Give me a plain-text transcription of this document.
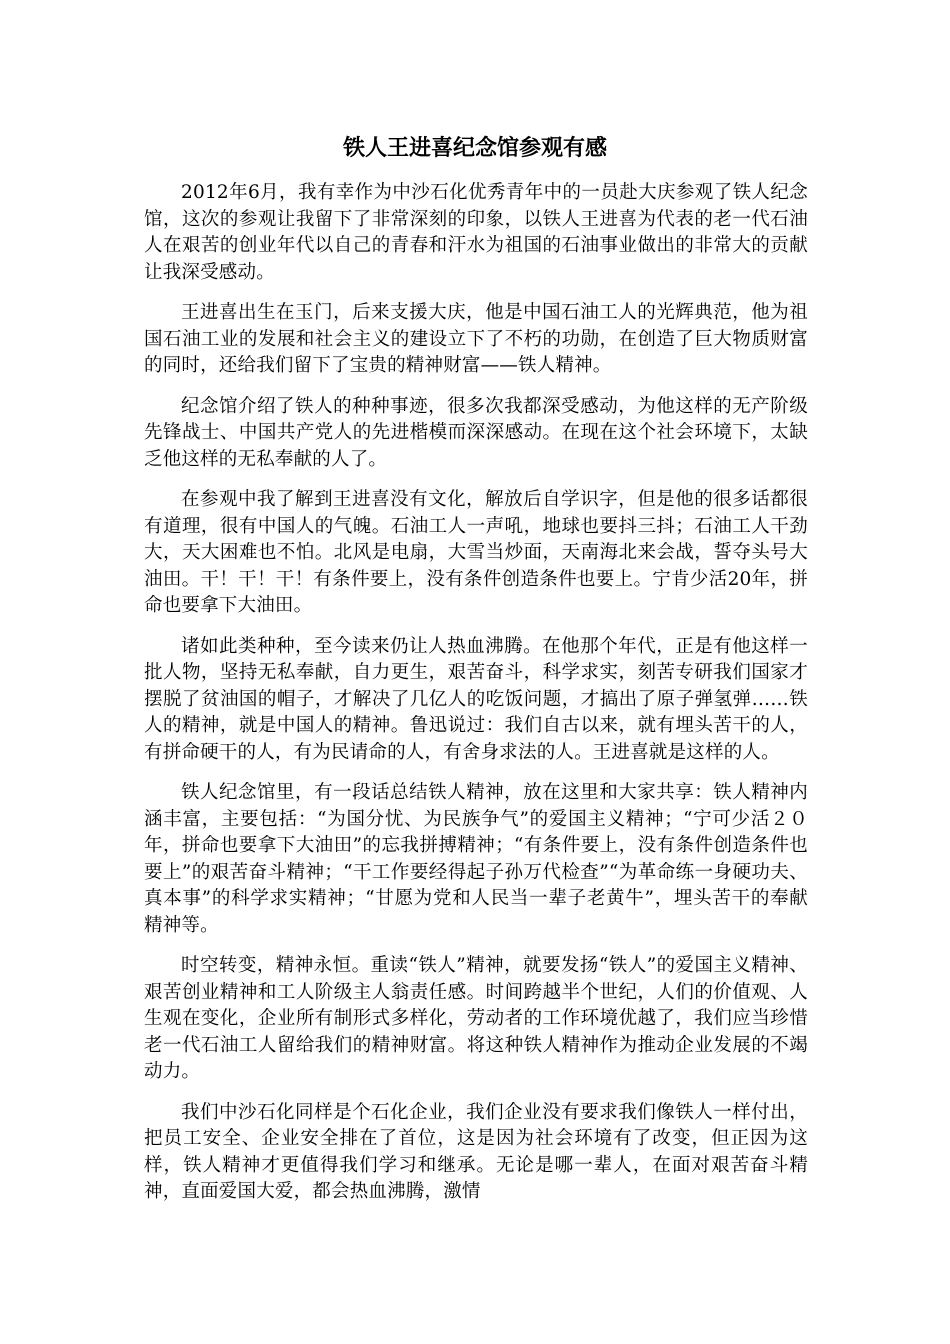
铁人王进喜纪念馆参观有感

2012年6月，我有幸作为中沙石化优秀青年中的一员赴大庆参观了铁人纪念馆，这次的参观让我留下了非常深刻的印象，以铁人王进喜为代表的老一代石油人在艰苦的创业年代以自己的青春和汗水为祖国的石油事业做出的非常大的贡献让我深受感动。

王进喜出生在玉门，后来支援大庆，他是中国石油工人的光辉典范，他为祖国石油工业的发展和社会主义的建设立下了不朽的功勋，在创造了巨大物质财富的同时，还给我们留下了宝贵的精神财富——铁人精神。

纪念馆介绍了铁人的种种事迹，很多次我都深受感动，为他这样的无产阶级先锋战士、中国共产党人的先进楷模而深深感动。在现在这个社会环境下，太缺乏他这样的无私奉献的人了。

在参观中我了解到王进喜没有文化，解放后自学识字，但是他的很多话都很有道理，很有中国人的气魄。石油工人一声吼，地球也要抖三抖；石油工人干劲大，天大困难也不怕。北风是电扇，大雪当炒面，天南海北来会战，誓夺头号大油田。干！干！干！有条件要上，没有条件创造条件也要上。宁肯少活20年，拼命也要拿下大油田。

诸如此类种种，至今读来仍让人热血沸腾。在他那个年代，正是有他这样一批人物，坚持无私奉献，自力更生，艰苦奋斗，科学求实，刻苦专研我们国家才摆脱了贫油国的帽子，才解决了几亿人的吃饭问题，才搞出了原子弹氢弹……铁人的精神，就是中国人的精神。鲁迅说过：我们自古以来，就有埋头苦干的人，有拼命硬干的人，有为民请命的人，有舍身求法的人。王进喜就是这样的人。

铁人纪念馆里，有一段话总结铁人精神，放在这里和大家共享：铁人精神内涵丰富，主要包括：“为国分忧、为民族争气”的爱国主义精神；“宁可少活２０年，拼命也要拿下大油田”的忘我拼搏精神；“有条件要上，没有条件创造条件也要上”的艰苦奋斗精神；“干工作要经得起子孙万代检查”“为革命练一身硬功夫、真本事”的科学求实精神；“甘愿为党和人民当一辈子老黄牛”，埋头苦干的奉献精神等。

时空转变，精神永恒。重读“铁人”精神，就要发扬“铁人”的爱国主义精神、艰苦创业精神和工人阶级主人翁责任感。时间跨越半个世纪，人们的价值观、人生观在变化，企业所有制形式多样化，劳动者的工作环境优越了，我们应当珍惜老一代石油工人留给我们的精神财富。将这种铁人精神作为推动企业发展的不竭动力。

我们中沙石化同样是个石化企业，我们企业没有要求我们像铁人一样付出，把员工安全、企业安全排在了首位，这是因为社会环境有了改变，但正因为这样，铁人精神才更值得我们学习和继承。无论是哪一辈人，在面对艰苦奋斗精神，直面爱国大爱，都会热血沸腾，激情
